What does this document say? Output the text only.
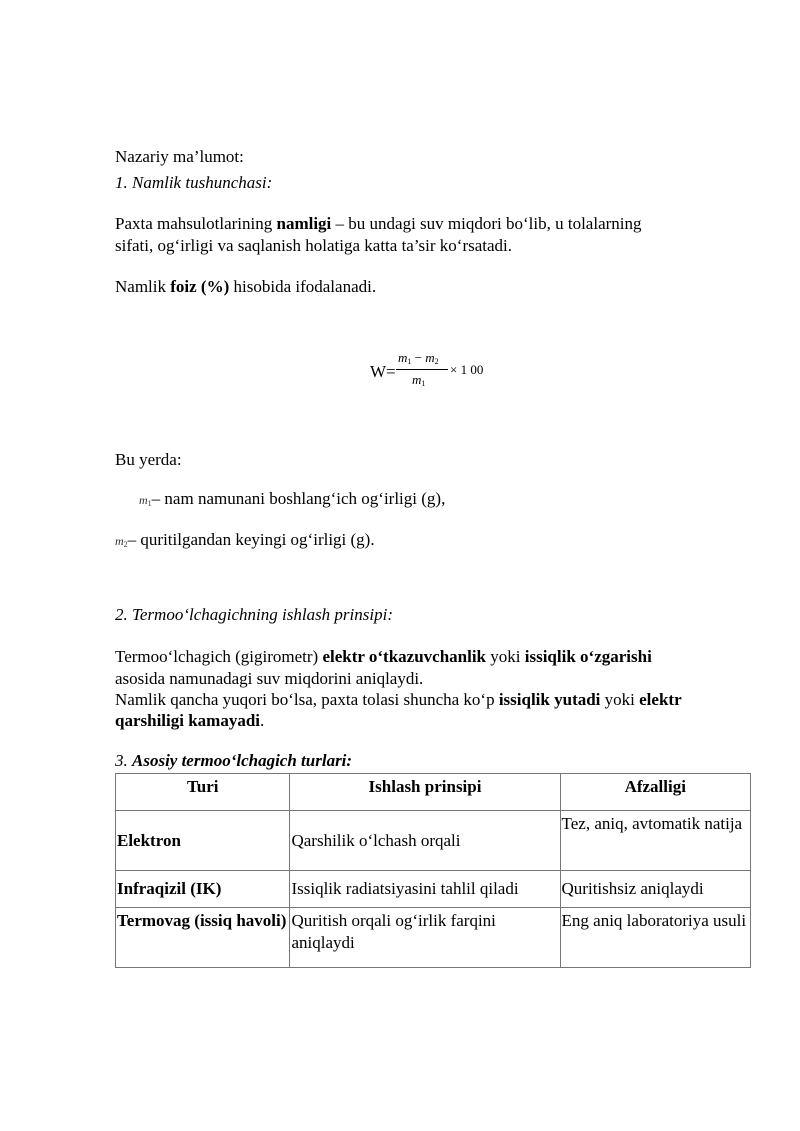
Nazariy ma’lumot:
1. Namlik tushunchasi:
Paxta mahsulotlarining namligi – bu undagi suv miqdori bo‘lib, u tolalarning
sifati, og‘irligi va saqlanish holatiga katta ta’sir ko‘rsatadi.
Namlik foiz (%) hisobida ifodalanadi.
W=
$m_1 - m_2$
$m_1$
× 1 00
Bu yerda:
$m_1-$ nam namunani boshlang‘ich og‘irligi (g),
$m_2-$ quritilgandan keyingi og‘irligi (g).
2. Termoo‘lchagichning ishlash prinsipi:
Termoo‘lchagich (gigirometr) elektr o‘tkazuvchanlik yoki issiqlik o‘zgarishi
asosida namunadagi suv miqdorini aniqlaydi.
Namlik qancha yuqori bo‘lsa, paxta tolasi shuncha ko‘p issiqlik yutadi yoki elektr
qarshiligi kamayadi.
3. Asosiy termoo‘lchagich turlari:
Turi	Ishlash prinsipi	Afzalligi
Elektron	Qarshilik o‘lchash orqali	Tez, aniq, avtomatik natija
Infraqizil (IK)	Issiqlik radiatsiyasini tahlil qiladi	Quritishsiz aniqlaydi
Termovag (issiq havoli)	Quritish orqali og‘irlik farqini aniqlaydi	Eng aniq laboratoriya usuli
